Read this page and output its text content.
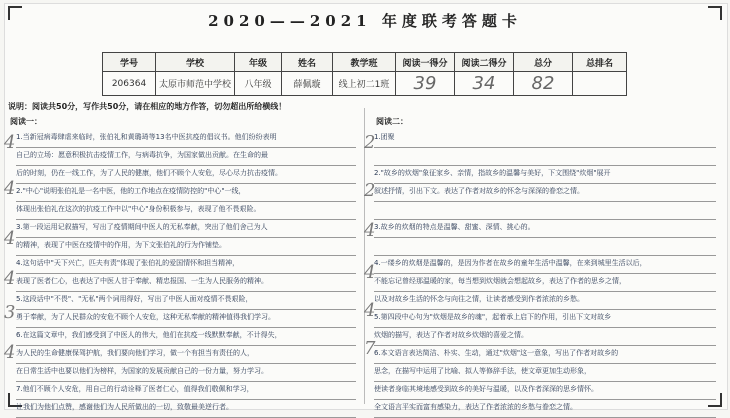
2020——2021 年度联考答题卡
学号	学校	年级	姓名	教学班	阅读一得分	阅读二得分	总分	总排名
206364	太原市师范中学校	八年级	薛佩璇	线上初二1班	39	34	82	
说明：阅读共50分，写作共50分，请在相应的地方作答，切勿超出所给横线！
阅读一：	阅读二：
1.当新冠病毒肆虐来临时，张伯礼和黄璐琦等13名中医抗疫的倡议书。他们纷纷表明
自己的立场：愿意积极抗击疫情工作，与病毒抗争，为国家做出贡献。在生命的最
后的时刻，仍在一线工作，为了人民的健康，他们不顾个人安危，尽心尽力抗击疫情。
2."中心"说明张伯礼是一名中医，他的工作地点在疫情防控的"中心"一线，
体现出张伯礼在这次的抗疫工作中以"中心"身份积极参与，表现了他不畏艰险。
3.第一段运用记叙描写，写出了疫情期间中医人的无私奉献，突出了他们舍己为人
的精神，表现了中医在疫情中的作用，为下文张伯礼的行为作铺垫。
4.这句话中"天下兴亡，匹夫有责"体现了张伯礼的爱国情怀和担当精神，
表现了医者仁心，也表达了中医人甘于奉献、精忠报国、一生为人民服务的精神。
5.这段话中"不畏"、"无私"两个词用得好，写出了中医人面对疫情不畏艰险，
勇于奉献，为了人民群众的安危不顾个人安危，这种无私奉献的精神值得我们学习。
6.在这篇文章中，我们感受到了中医人的伟大，他们在抗疫一线默默奉献，不计得失，
为人民的生命健康保驾护航，我们要向他们学习，做一个有担当有责任的人，
在日常生活中也要以他们为榜样，为国家的发展贡献自己的一份力量，努力学习。
7.他们不顾个人安危，用自己的行动诠释了医者仁心，值得我们敬佩和学习，
让我们为他们点赞，感谢他们为人民所做出的一切，致敬最美逆行者。
1.团聚
2."故乡的炊烟"象征家乡、亲情，指故乡的温馨与美好，下文围绕"炊烟"展开
叙述抒情，引出下文。表达了作者对故乡的怀念与深深的眷恋之情。
3.故乡的炊烟的特点是温馨、甜蜜、深情、挑心的。
4.一缕乡的炊烟是温馨的，是因为作者在故乡的童年生活中温馨，在来到城里生活以后，
不能忘记曾经那温暖的家，每当想到炊烟就会想起故乡，表达了作者的思乡之情，
以及对故乡生活的怀念与向往之情，让读者感受到作者浓浓的乡愁。
5.第四段中心句为"炊烟是故乡的魂"，起着承上启下的作用，引出下文对故乡
炊烟的描写，表达了作者对故乡炊烟的喜爱之情。
6.本文语言表达简洁、朴实、生动，通过"炊烟"这一意象，写出了作者对故乡的
思念，在描写中运用了比喻、拟人等修辞手法，使文章更加生动形象，
使读者身临其境地感受到故乡的美好与温暖，以及作者深深的思乡情怀。
全文语言平实而富有感染力，表达了作者浓浓的乡愁与眷恋之情。
4
4
4
4
3
4
2
2
4
4
4
7
